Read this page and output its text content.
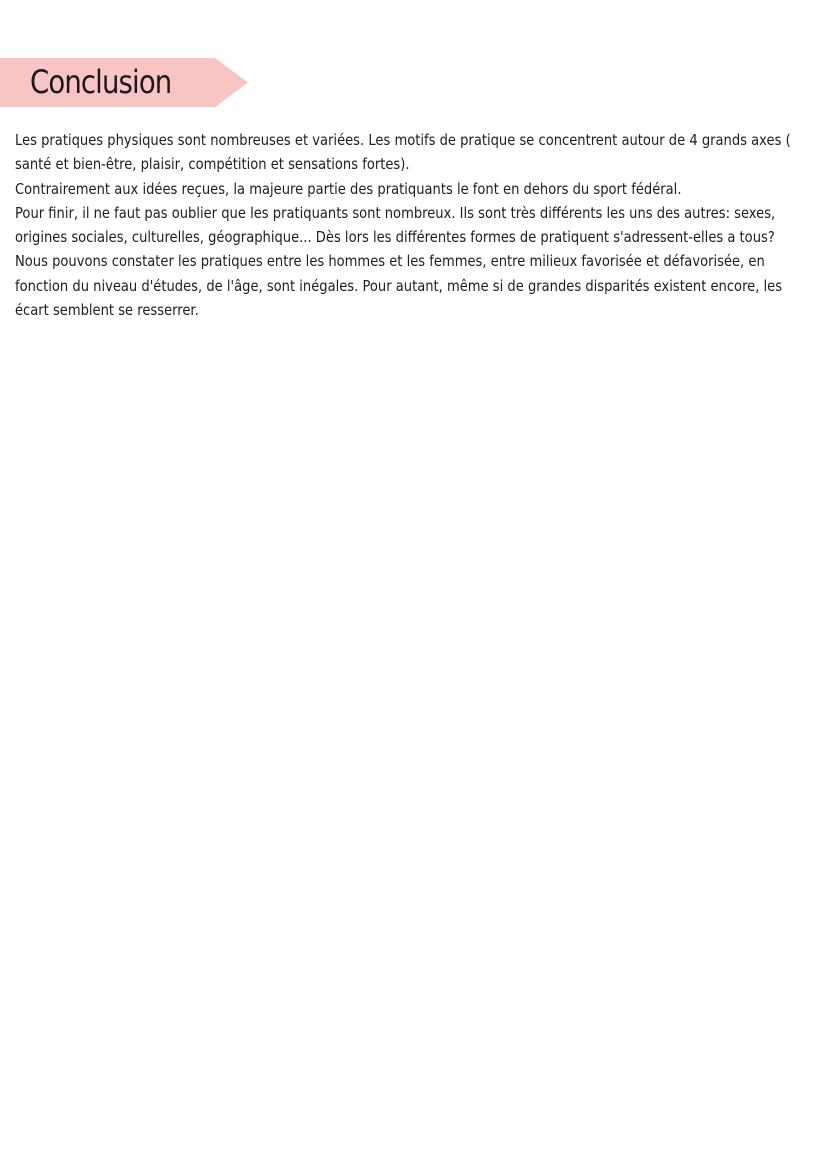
Conclusion

Les pratiques physiques sont nombreuses et variées. Les motifs de pratique se concentrent autour de 4 grands axes ( santé et bien-être, plaisir, compétition et sensations fortes).

Contrairement aux idées reçues, la majeure partie des pratiquants le font en dehors du sport fédéral.

Pour finir, il ne faut pas oublier que les pratiquants sont nombreux. Ils sont très différents les uns des autres: sexes, origines sociales, culturelles, géographique... Dès lors les différentes formes de pratiquent s'adressent-elles a tous? Nous pouvons constater les pratiques entre les hommes et les femmes, entre milieux favorisée et défavorisée, en fonction du niveau d'études, de l'âge, sont inégales. Pour autant, même si de grandes disparités existent encore, les écart semblent se resserrer.
